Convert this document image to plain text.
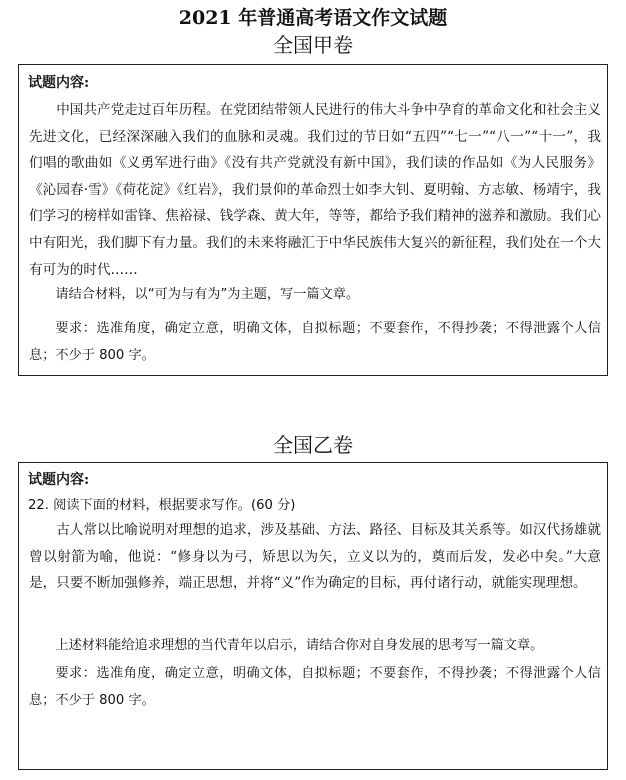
2021 年普通高考语文作文试题
全国甲卷
试题内容:

中国共产党走过百年历程。在党团结带领人民进行的伟大斗争中孕育的革命文化和社会主义先进文化，已经深深融入我们的血脉和灵魂。我们过的节日如“五四”“七一”“八一”“十一”，我们唱的歌曲如《义勇军进行曲》《没有共产党就没有新中国》，我们读的作品如《为人民服务》《沁园春·雪》《荷花淀》《红岩》，我们景仰的革命烈士如李大钊、夏明翰、方志敏、杨靖宇，我们学习的榜样如雷锋、焦裕禄、钱学森、黄大年，等等，都给予我们精神的滋养和激励。我们心中有阳光，我们脚下有力量。我们的未来将融汇于中华民族伟大复兴的新征程，我们处在一个大有可为的时代……

请结合材料，以“可为与有为”为主题，写一篇文章。

要求：选准角度，确定立意，明确文体，自拟标题；不要套作，不得抄袭；不得泄露个人信息；不少于 800 字。

全国乙卷
试题内容:
22. 阅读下面的材料，根据要求写作。(60 分)

古人常以比喻说明对理想的追求，涉及基础、方法、路径、目标及其关系等。如汉代扬雄就曾以射箭为喻，他说：“修身以为弓，矫思以为矢，立义以为的，奠而后发，发必中矣。”大意是，只要不断加强修养，端正思想，并将“义”作为确定的目标，再付诸行动，就能实现理想。

上述材料能给追求理想的当代青年以启示，请结合你对自身发展的思考写一篇文章。

要求：选准角度，确定立意，明确文体，自拟标题；不要套作，不得抄袭；不得泄露个人信息；不少于 800 字。
